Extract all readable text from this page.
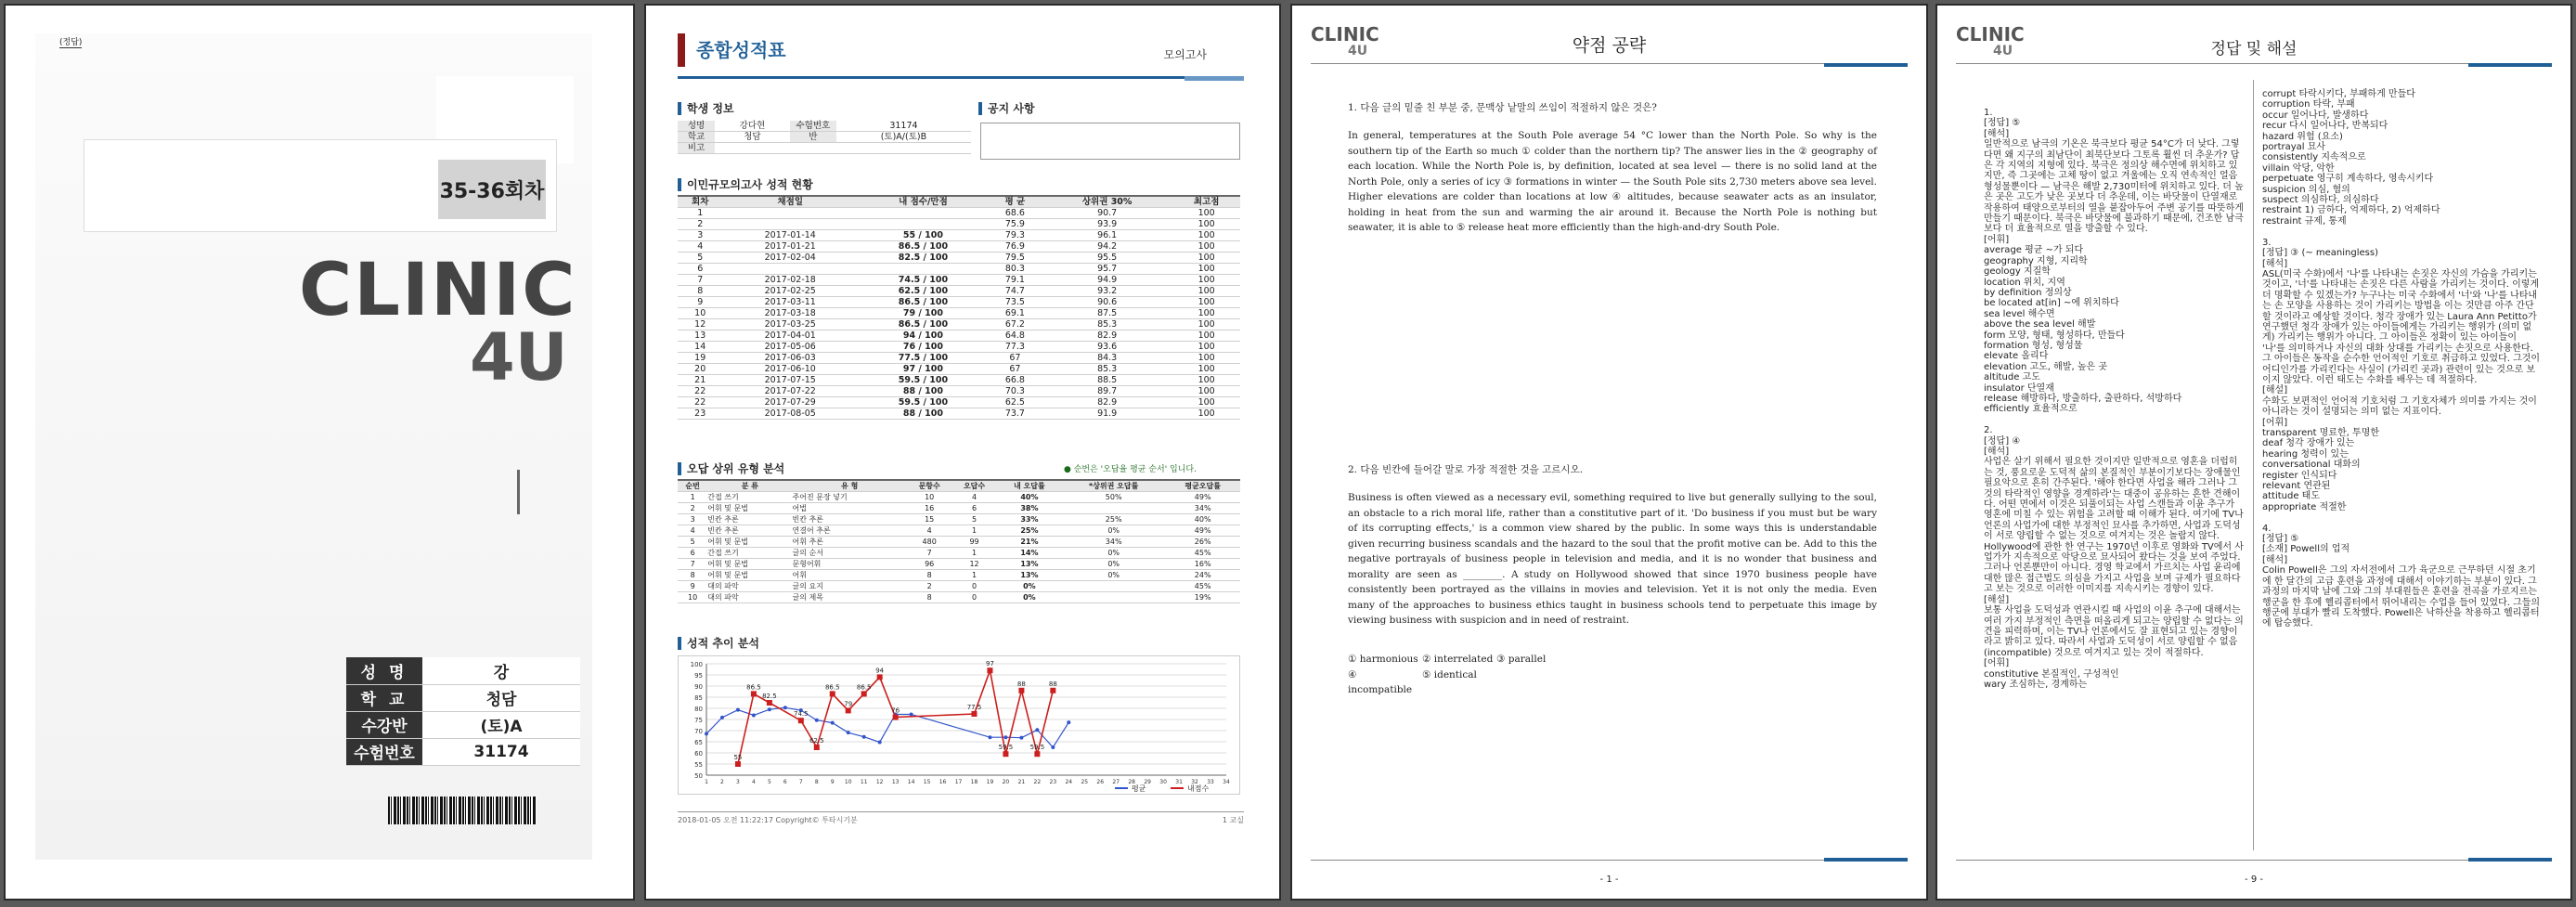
(정답)
35-36회차
CLINIC
4U
성명	강
학교	청담
수강반	(토)A
수험번호	31174
종합성적표	모의고사
학생 정보	공지 사항
성명	강다현	수험번호	31174
학교	청담	반	(토)A/(토)B
비고			
이민규모의고사 성적 현황
회차	채점일	내 점수/만점	평 균	상위권 30%	최고점
1			68.6	90.7	100
2			75.9	93.9	100
3	2017-01-14	55 / 100	79.3	96.1	100
4	2017-01-21	86.5 / 100	76.9	94.2	100
5	2017-02-04	82.5 / 100	79.5	95.5	100
6			80.3	95.7	100
7	2017-02-18	74.5 / 100	79.1	94.9	100
8	2017-02-25	62.5 / 100	74.7	93.2	100
9	2017-03-11	86.5 / 100	73.5	90.6	100
10	2017-03-18	79 / 100	69.1	87.5	100
12	2017-03-25	86.5 / 100	67.2	85.3	100
13	2017-04-01	94 / 100	64.8	82.9	100
14	2017-05-06	76 / 100	77.3	93.6	100
19	2017-06-03	77.5 / 100	67	84.3	100
20	2017-06-10	97 / 100	67	85.3	100
21	2017-07-15	59.5 / 100	66.8	88.5	100
22	2017-07-22	88 / 100	70.3	89.7	100
22	2017-07-29	59.5 / 100	62.5	82.9	100
23	2017-08-05	88 / 100	73.7	91.9	100
오답 상위 유형 분석	● 순번은 '오답율 평균 순서' 입니다.
순번	분 류	유 형	문항수	오답수	내 오답률	*상위권 오답률	평균오답률
1	간접 쓰기	주어진 문장 넣기	10	4	40%	50%	49%
2	어휘 및 문법	어법	16	6	38%		34%
3	빈칸 추론	빈칸 추론	15	5	33%	25%	40%
4	빈칸 추론	연결어 추론	4	1	25%	0%	49%
5	어휘 및 문법	어휘 추론	480	99	21%	34%	26%
6	간접 쓰기	글의 순서	7	1	14%	0%	45%
7	어휘 및 문법	문형어휘	96	12	13%	0%	16%
8	어휘 및 문법	어휘	8	1	13%	0%	24%
9	대의 파악	글의 요지	2	0	0%		45%
10	대의 파악	글의 제목	8	0	0%		19%
성적 추이 분석
50
55
60
65
70
75
80
85
90
95
100
1 2 3 4 5 6 7 8 9 10 11 12 13 14 15 16 17 18 19 20 21 22 23 24 25 26 27 28 29 30 31 32 33 34
55
86.5
82.5
74.5
62.5
86.5
79
86.5
94
76	77.5
97
59.5
88
59.5
88
평균	내점수
2018-01-05 오전 11:22:17 Copyright© 투타시기분	1 교실
CLINIC
4U	약점 공략
1. 다음 글의 밑줄 친 부분 중, 문맥상 낱말의 쓰임이 적절하지 않은 것은?
In general, temperatures at the South Pole average 54 °C lower than the North Pole. So why is the southern tip of the Earth so much ① colder than the northern tip? The answer lies in the ② geography of each location. While the North Pole is, by definition, located at sea level — there is no solid land at the North Pole, only a series of icy ③ formations in winter — the South Pole sits 2,730 meters above sea level. Higher elevations are colder than locations at low ④ altitudes, because seawater acts as an insulator, holding in heat from the sun and warming the air around it. Because the North Pole is nothing but seawater, it is able to ⑤ release heat more efficiently than the high-and-dry South Pole.
2. 다음 빈칸에 들어갈 말로 가장 적절한 것을 고르시오.
Business is often viewed as a necessary evil, something required to live but generally sullying to the soul, an obstacle to a rich moral life, rather than a constitutive part of it. 'Do business if you must but be wary of its corrupting effects,' is a common view shared by the public. In some ways this is understandable given recurring business scandals and the hazard to the soul that the profit motive can be. Add to this the negative portrayals of business people in television and media, and it is no wonder that business and morality are seen as ________. A study on Hollywood showed that since 1970 business people have consistently been portrayed as the villains in movies and television. Yet it is not only the media. Even many of the approaches to business ethics taught in business schools tend to perpetuate this image by viewing business with suspicion and in need of restraint.
① harmonious ② interrelated ③ parallel
④ incompatible
⑤ identical
- 1 -
CLINIC
4U	정답 및 해설
1.
[정답] ⑤
[해석]
일반적으로 남극의 기온은 북극보다 평균 54°C가 더 낮다. 그렇다면 왜 지구의 최남단이 최북단보다 그토록 훨씬 더 추운가? 답은 각 지역의 지형에 있다. 북극은 정의상 해수면에 위치하고 있지만, 즉 그곳에는 고체 땅이 없고 겨울에는 오직 연속적인 얼음 형성물뿐이다 — 남극은 해발 2,730미터에 위치하고 있다. 더 높은 곳은 고도가 낮은 곳보다 더 추운데, 이는 바닷물이 단열재로 작용하여 태양으로부터의 열을 붙잡아두어 주변 공기를 따뜻하게 만들기 때문이다. 북극은 바닷물에 불과하기 때문에, 건조한 남극보다 더 효율적으로 열을 방출할 수 있다.
[어휘]
average 평균 ~가 되다
geography 지형, 지리학
geology 지질학
location 위치, 지역
by definition 정의상
be located at[in] ~에 위치하다
sea level 해수면
above the sea level 해발
form 모양, 형태, 형성하다, 만들다
formation 형성, 형성물
elevate 올리다
elevation 고도, 해발, 높은 곳
altitude 고도
insulator 단열재
release 해방하다, 방출하다, 출판하다, 석방하다
efficiently 효율적으로

2.
[정답] ④
[해석]
사업은 살기 위해서 필요한 것이지만 일반적으로 영혼을 더럽히는 것, 풍요로운 도덕적 삶의 본질적인 부분이기보다는 장애물인 필요악으로 흔히 간주된다. '해야 한다면 사업을 해라 그러나 그것의 타락적인 영향을 경계하라'는 대중이 공유하는 흔한 견해이다. 어떤 면에서 이것은 되풀이되는 사업 스캔들과 이윤 추구가 영혼에 미칠 수 있는 위험을 고려할 때 이해가 된다. 여기에 TV나 언론의 사업가에 대한 부정적인 묘사를 추가하면, 사업과 도덕성이 서로 양립할 수 없는 것으로 여겨지는 것은 놀랍지 않다. Hollywood에 관한 한 연구는 1970년 이후로 영화와 TV에서 사업가가 지속적으로 악당으로 묘사되어 왔다는 것을 보여 주었다. 그러나 언론뿐만이 아니다. 경영 학교에서 가르치는 사업 윤리에 대한 많은 접근법도 의심을 가지고 사업을 보며 규제가 필요하다고 보는 것으로 이러한 이미지를 지속시키는 경향이 있다.
[해설]
보통 사업을 도덕성과 연관시킬 때 사업의 이윤 추구에 대해서는 여러 가지 부정적인 측면을 떠올리게 되고는 양립할 수 없다는 의견을 피력하며, 이는 TV나 언론에서도 잘 표현되고 있는 경향이라고 밝히고 있다. 따라서 사업과 도덕성이 서로 양립할 수 없음(incompatible) 것으로 여겨지고 있는 것이 적절하다.
[어휘]
constitutive 본질적인, 구성적인
wary 조심하는, 경계하는
corrupt 타락시키다, 부패하게 만들다
corruption 타락, 부패
occur 일어나다, 발생하다
recur 다시 일어나다, 반복되다
hazard 위험 (요소)
portrayal 묘사
consistently 지속적으로
villain 악당, 악한
perpetuate 영구히 계속하다, 영속시키다
suspicion 의심, 혐의
suspect 의심하다, 의심하다
restraint 1) 금하다, 억제하다, 2) 억제하다
restraint 규제, 통제

3.
[정답] ③ (~ meaningless)
[해석]
ASL(미국 수화)에서 '나'를 나타내는 손짓은 자신의 가슴을 가리키는 것이고, '너'를 나타내는 손짓은 다른 사람을 가리키는 것이다. 이렇게 더 명확할 수 있겠는가? 누구나는 미국 수화에서 '너'와 '나'를 나타내는 손 모양을 사용하는 것이 가리키는 방법을 이는 것만큼 아주 간단할 것이라고 예상할 것이다. 청각 장애가 있는 Laura Ann Petitto가 연구했던 청각 장애가 있는 아이들에게는 가리키는 행위가 (의미 없게) 가리키는 행위가 아니다. 그 아이들은 정확이 있는 아이들이 '나'를 의미하거나 자신의 대화 상대를 가리키는 손짓으로 사용한다. 그 아이들은 동작을 순수한 언어적인 기호로 취급하고 있었다. 그것이 어디인가를 가리킨다는 사실이 (가리킨 곳과) 관련이 있는 것으로 보이지 않았다. 이런 태도는 수화를 배우는 데 적절하다.
[해설]
수화도 보편적인 언어적 기호처럼 그 기호자체가 의미를 가지는 것이 아니라는 것이 설명되는 의미 없는 지표이다.
[어휘]
transparent 명료한, 투명한
deaf 청각 장애가 있는
hearing 청력이 있는
conversational 대화의
register 인식되다
relevant 연관된
attitude 태도
appropriate 적절한

4.
[정답] ⑤
[소재] Powell의 업적
[해석]
Colin Powell은 그의 자서전에서 그가 육군으로 근무하던 시절 초기에 한 달간의 고급 훈련을 과정에 대해서 이야기하는 부분이 있다. 그 과정의 마지막 날에 그와 그의 부대원들은 훈련을 전곡을 가로지르는 행군을 한 후에 헬리콥터에서 뛰어내리는 수업을 들어 있었다. 그들의 행군에 부대가 빨리 도착했다. Powell은 낙하산을 착용하고 헬리콥터에 탑승했다.
- 9 -
